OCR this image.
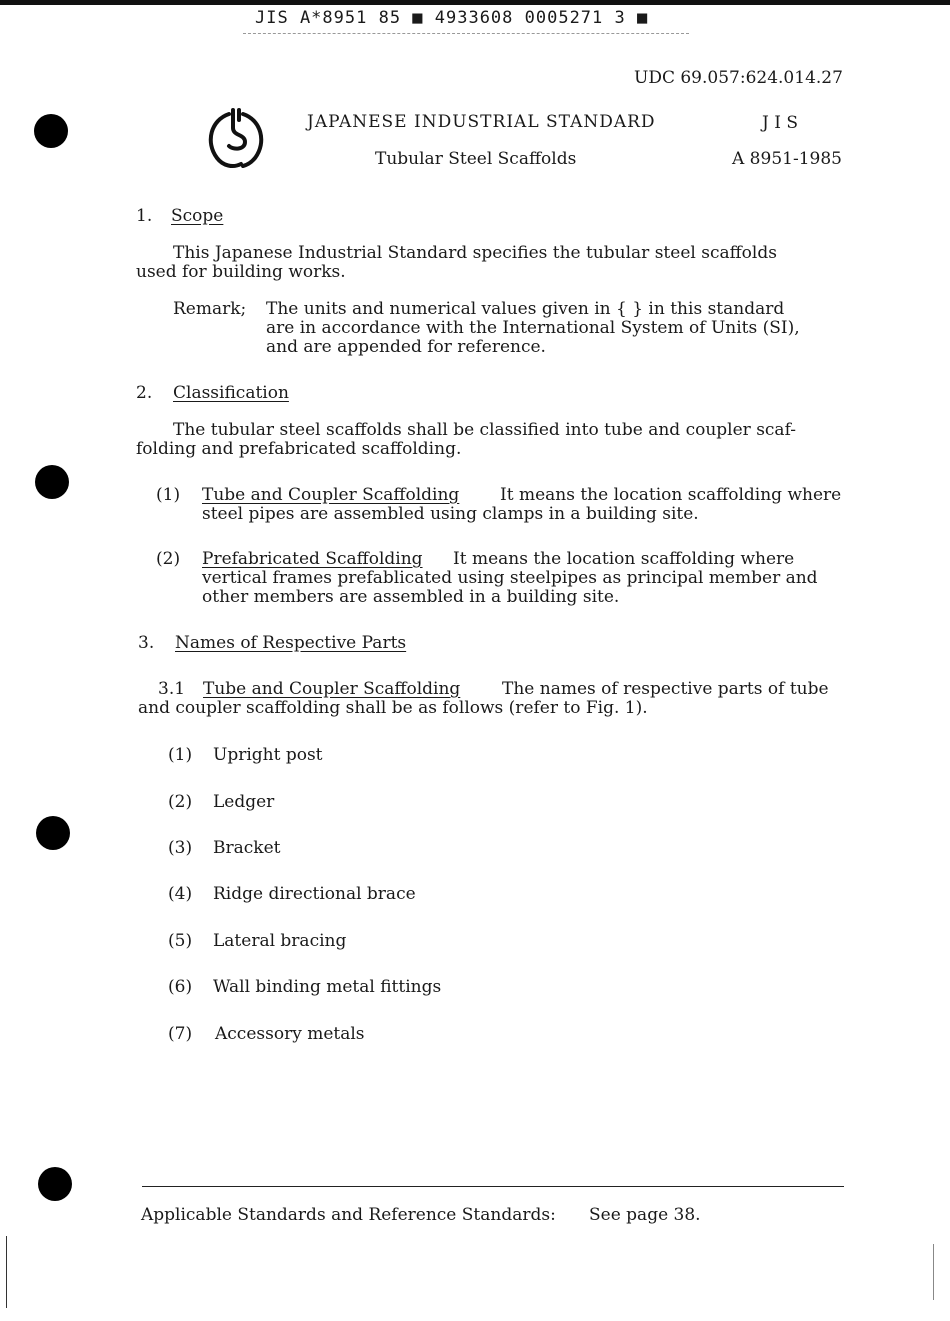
JIS A*8951 85 ■ 4933608 0005271 3 ■
UDC 69.057:624.014.27
JAPANESE INDUSTRIAL STANDARD	J I S
Tubular Steel Scaffolds	A 8951-1985
1. Scope
This Japanese Industrial Standard specifies the tubular steel scaffolds
used for building works.
Remark; The units and numerical values given in { } in this standard
are in accordance with the International System of Units (SI),
and are appended for reference.
2. Classification
The tubular steel scaffolds shall be classified into tube and coupler scaf-
folding and prefabricated scaffolding.
(1) Tube and Coupler Scaffolding It means the location scaffolding where
steel pipes are assembled using clamps in a building site.
(2) Prefabricated Scaffolding It means the location scaffolding where
vertical frames prefablicated using steelpipes as principal member and
other members are assembled in a building site.
3. Names of Respective Parts
3.1 Tube and Coupler Scaffolding The names of respective parts of tube
and coupler scaffolding shall be as follows (refer to Fig. 1).
(1) Upright post
(2) Ledger
(3) Bracket
(4) Ridge directional brace
(5) Lateral bracing
(6) Wall binding metal fittings
(7) Accessory metals
Applicable Standards and Reference Standards: See page 38.
